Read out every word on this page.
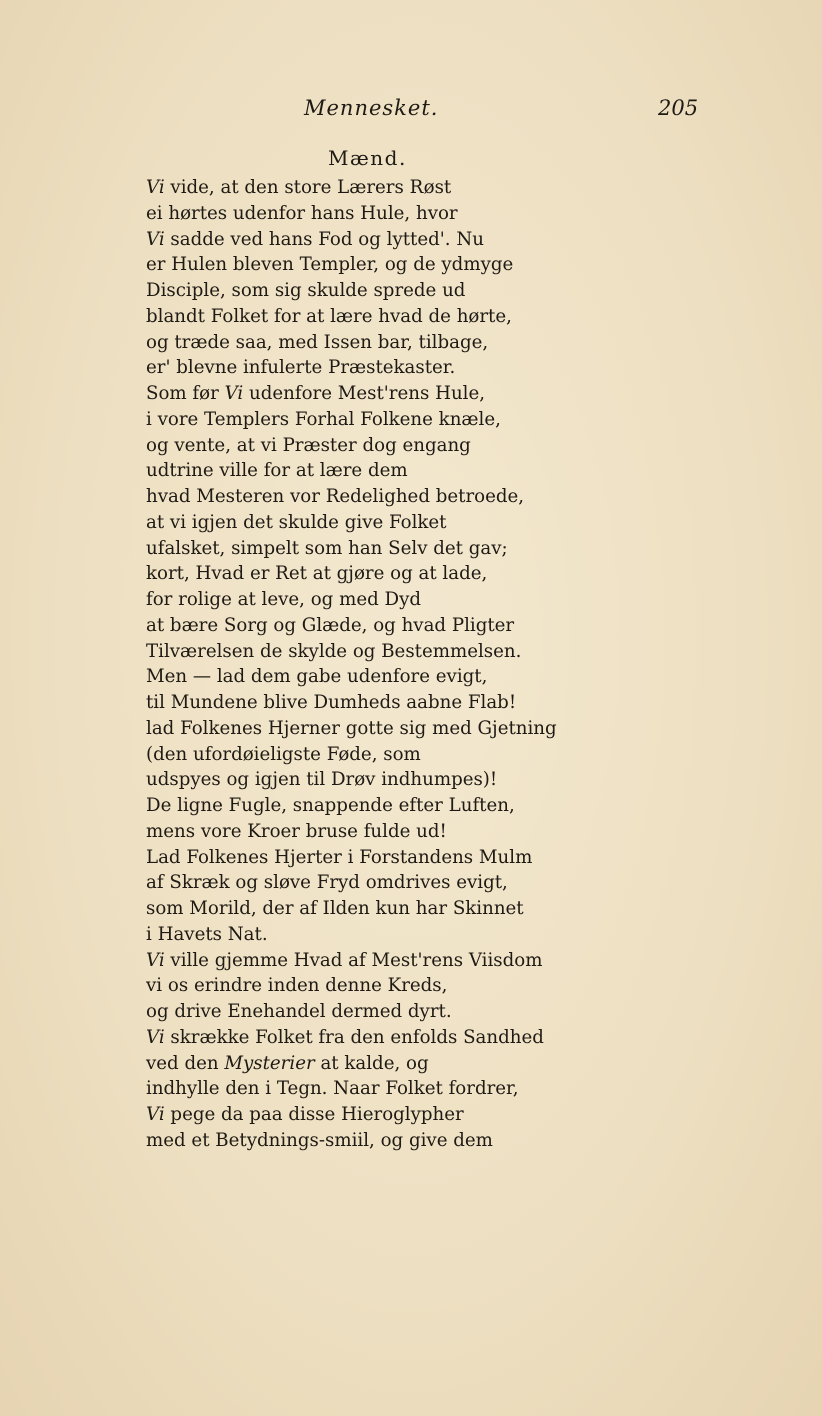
Mennesket.	205
Mænd.
Vi vide, at den store Lærers Røst
ei hørtes udenfor hans Hule, hvor
Vi sadde ved hans Fod og lytted'. Nu
er Hulen bleven Templer, og de ydmyge
Disciple, som sig skulde sprede ud
blandt Folket for at lære hvad de hørte,
og træde saa, med Issen bar, tilbage,
er' blevne infulerte Præstekaster.
Som før Vi udenfore Mest'rens Hule,
i vore Templers Forhal Folkene knæle,
og vente, at vi Præster dog engang
udtrine ville for at lære dem
hvad Mesteren vor Redelighed betroede,
at vi igjen det skulde give Folket
ufalsket, simpelt som han Selv det gav;
kort, Hvad er Ret at gjøre og at lade,
for rolige at leve, og med Dyd
at bære Sorg og Glæde, og hvad Pligter
Tilværelsen de skylde og Bestemmelsen.
Men — lad dem gabe udenfore evigt,
til Mundene blive Dumheds aabne Flab!
lad Folkenes Hjerner gotte sig med Gjetning
(den ufordøieligste Føde, som
udspyes og igjen til Drøv indhumpes)!
De ligne Fugle, snappende efter Luften,
mens vore Kroer bruse fulde ud!
Lad Folkenes Hjerter i Forstandens Mulm
af Skræk og sløve Fryd omdrives evigt,
som Morild, der af Ilden kun har Skinnet
i Havets Nat.
Vi ville gjemme Hvad af Mest'rens Viisdom
vi os erindre inden denne Kreds,
og drive Enehandel dermed dyrt.
Vi skrække Folket fra den enfolds Sandhed
ved den Mysterier at kalde, og
indhylle den i Tegn. Naar Folket fordrer,
Vi pege da paa disse Hieroglypher
med et Betydnings-smiil, og give dem
